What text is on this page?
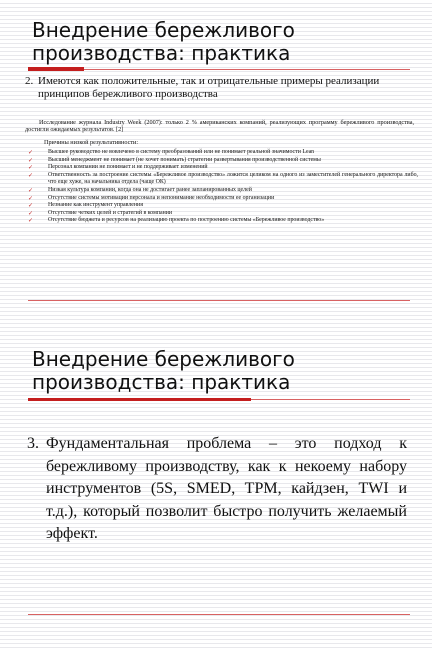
Внедрение бережливого
производства: практика

2. Имеются как положительные, так и отрицательные примеры реализации принципов бережливого производства

Исследование журнала Industry Week (2007): только 2 % американских компаний, реализующих программу бережливого производства, достигли ожидаемых результатов. [2]

Причины низкой результативности:

✓	Высшее руководство не вовлечено в систему преобразований или не понимает реальной значимости Lean
✓	Высший менеджмент не понимает (не хочет понимать) стратегии развертывания производственной системы
✓	Персонал компании не понимает и не поддерживает изменений
✓	Ответственность за построение системы «Бережливое производство» ложится целиком на одного из заместителей генерального директора либо, что еще хуже, на начальника отдела (чаще ОК)
✓	Низкая культура компании, когда она не достигает ранее запланированных целей
✓	Отсутствие системы мотивации персонала и непонимание необходимости ее организации
✓	Незнание как инструмент управления
✓	Отсутствие четких целей и стратегий в компании
✓	Отсутствие бюджета и ресурсов на реализацию проекта по построению системы «Бережливое производство»
Внедрение бережливого
производства: практика

3. Фундаментальная проблема – это подход к бережливому производству, как к некоему набору инструментов (5S, SMED, TPM, кайдзен, TWI и т.д.), который позволит быстро получить желаемый эффект.
